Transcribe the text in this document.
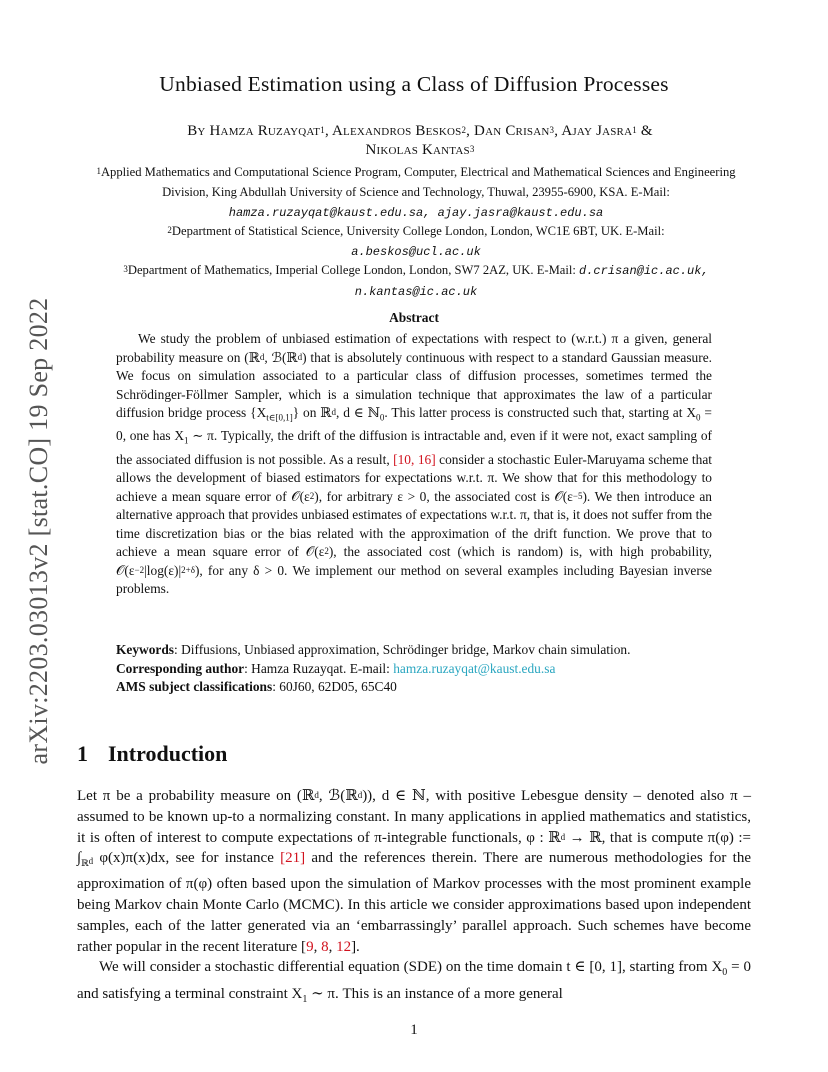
arXiv:2203.03013v2 [stat.CO] 19 Sep 2022
Unbiased Estimation using a Class of Diffusion Processes
By Hamza Ruzayqat$^1$, Alexandros Beskos$^2$, Dan Crisan$^3$, Ajay Jasra$^1$ &
Nikolas Kantas$^3$
$^1$Applied Mathematics and Computational Science Program, Computer, Electrical and Mathematical Sciences and Engineering Division, King Abdullah University of Science and Technology, Thuwal, 23955-6900, KSA. E-Mail:
hamza.ruzayqat@kaust.edu.sa, ajay.jasra@kaust.edu.sa
$^2$Department of Statistical Science, University College London, London, WC1E 6BT, UK. E-Mail:
a.beskos@ucl.ac.uk
$^3$Department of Mathematics, Imperial College London, London, SW7 2AZ, UK. E-Mail: d.crisan@ic.ac.uk,
n.kantas@ic.ac.uk
Abstract

We study the problem of unbiased estimation of expectations with respect to (w.r.t.) π a given, general probability measure on (ℝ$^d$, ℬ(ℝ$^d$) that is absolutely continuous with respect to a standard Gaussian measure. We focus on simulation associated to a particular class of diffusion processes, sometimes termed the Schrödinger-Föllmer Sampler, which is a simulation technique that approximates the law of a particular diffusion bridge process $\{X_{t\in[0,1]}\}$ on ℝ$^d$, d ∈ ℕ$_0$. This latter process is constructed such that, starting at $X_0 = 0$, one has $X_1$ ∼ π. Typically, the drift of the diffusion is intractable and, even if it were not, exact sampling of the associated diffusion is not possible. As a result, [10, 16] consider a stochastic Euler-Maruyama scheme that allows the development of biased estimators for expectations w.r.t. π. We show that for this methodology to achieve a mean square error of $𝒪(\varepsilon^2)$, for arbitrary ε > 0, the associated cost is $𝒪(\varepsilon^{-5})$. We then introduce an alternative approach that provides unbiased estimates of expectations w.r.t. π, that is, it does not suffer from the time discretization bias or the bias related with the approximation of the drift function. We prove that to achieve a mean square error of $𝒪(\varepsilon^2)$, the associated cost (which is random) is, with high probability, $𝒪(\varepsilon^{-2}|\log(\varepsilon)|^{2+\delta})$, for any δ > 0. We implement our method on several examples including Bayesian inverse problems.

Keywords: Diffusions, Unbiased approximation, Schrödinger bridge, Markov chain simulation.

Corresponding author: Hamza Ruzayqat. E-mail: hamza.ruzayqat@kaust.edu.sa

AMS subject classifications: 60J60, 62D05, 65C40

1 Introduction

Let π be a probability measure on (ℝ$^d$, ℬ(ℝ$^d$)), d ∈ ℕ, with positive Lebesgue density – denoted also π – assumed to be known up-to a normalizing constant. In many applications in applied mathematics and statistics, it is often of interest to compute expectations of π-integrable functionals, φ : ℝ$^d$ → ℝ, that is compute π(φ) := $\int_{ℝ^d}$ φ(x)π(x)dx, see for instance [21] and the references therein. There are numerous methodologies for the approximation of π(φ) often based upon the simulation of Markov processes with the most prominent example being Markov chain Monte Carlo (MCMC). In this article we consider approximations based upon independent samples, each of the latter generated via an ‘embarrassingly’ parallel approach. Such schemes have become rather popular in the recent literature [9, 8, 12].

We will consider a stochastic differential equation (SDE) on the time domain t ∈ [0, 1], starting from $X_0 = 0$ and satisfying a terminal constraint $X_1$ ∼ π. This is an instance of a more general

1
